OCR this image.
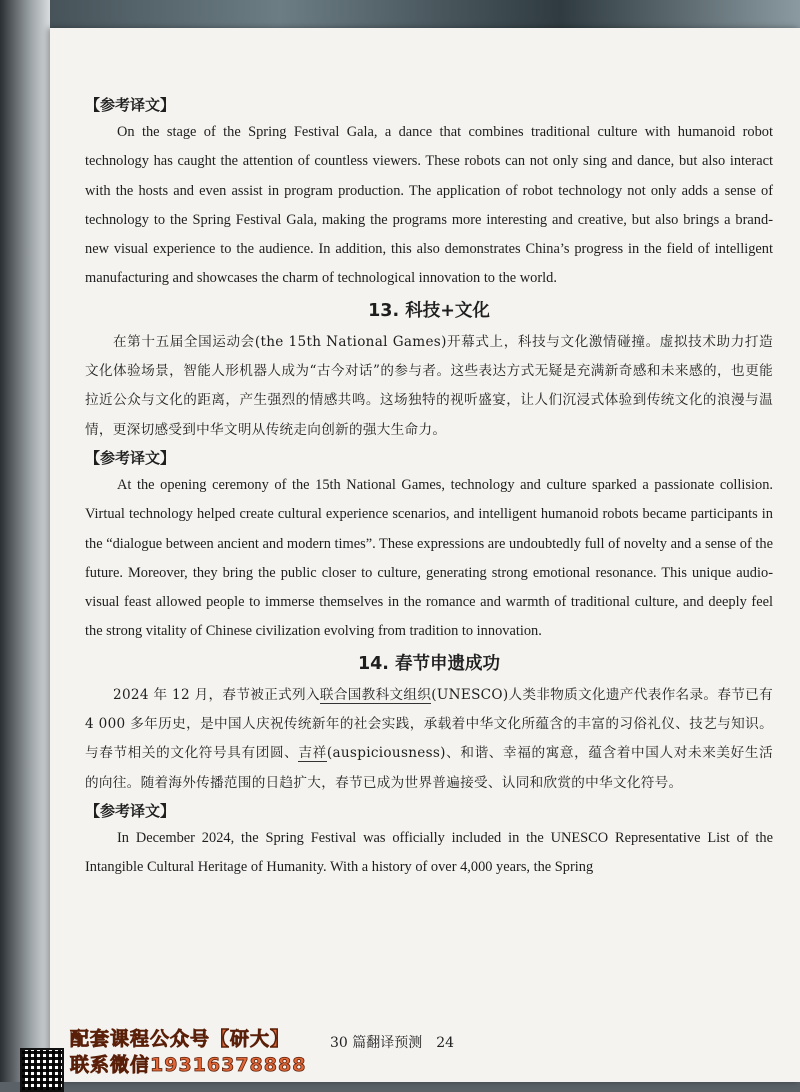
【参考译文】

On the stage of the Spring Festival Gala, a dance that combines traditional culture with humanoid robot technology has caught the attention of countless viewers. These robots can not only sing and dance, but also interact with the hosts and even assist in program production. The application of robot technology not only adds a sense of technology to the Spring Festival Gala, making the programs more interesting and creative, but also brings a brand-new visual experience to the audience. In addition, this also demonstrates China’s progress in the field of intelligent manufacturing and showcases the charm of technological innovation to the world.

13. 科技+文化

在第十五届全国运动会(the 15th National Games)开幕式上，科技与文化激情碰撞。虚拟技术助力打造文化体验场景，智能人形机器人成为“古今对话”的参与者。这些表达方式无疑是充满新奇感和未来感的，也更能拉近公众与文化的距离，产生强烈的情感共鸣。这场独特的视听盛宴，让人们沉浸式体验到传统文化的浪漫与温情，更深切感受到中华文明从传统走向创新的强大生命力。

【参考译文】

At the opening ceremony of the 15th National Games, technology and culture sparked a passionate collision. Virtual technology helped create cultural experience scenarios, and intelligent humanoid robots became participants in the “dialogue between ancient and modern times”. These expressions are undoubtedly full of novelty and a sense of the future. Moreover, they bring the public closer to culture, generating strong emotional resonance. This unique audio-visual feast allowed people to immerse themselves in the romance and warmth of traditional culture, and deeply feel the strong vitality of Chinese civilization evolving from tradition to innovation.

14. 春节申遗成功

2024 年 12 月，春节被正式列入联合国教科文组织(UNESCO)人类非物质文化遗产代表作名录。春节已有 4 000 多年历史，是中国人庆祝传统新年的社会实践，承载着中华文化所蕴含的丰富的习俗礼仪、技艺与知识。与春节相关的文化符号具有团圆、吉祥(auspiciousness)、和谐、幸福的寓意，蕴含着中国人对未来美好生活的向往。随着海外传播范围的日趋扩大，春节已成为世界普遍接受、认同和欣赏的中华文化符号。

【参考译文】

In December 2024, the Spring Festival was officially included in the UNESCO Representative List of the Intangible Cultural Heritage of Humanity. With a history of over 4,000 years, the Spring

配套课程公众号【研大】
联系微信19316378888
30 篇翻译预测　24
